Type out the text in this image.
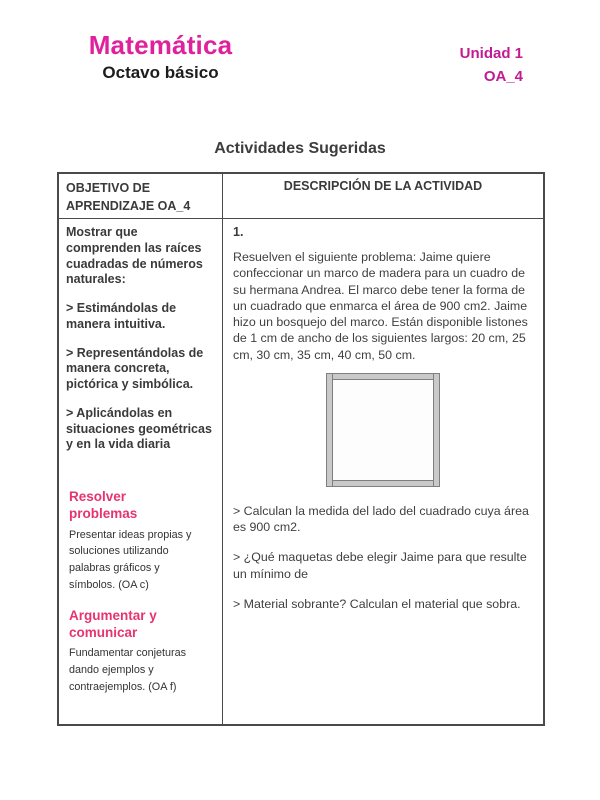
Matemática
Octavo básico
Unidad 1
OA_4
Actividades Sugeridas
OBJETIVO DE APRENDIZAJE OA_4
DESCRIPCIÓN DE LA ACTIVIDAD

Mostrar que comprenden las raíces cuadradas de números naturales:

> Estimándolas de manera intuitiva.

> Representándolas de manera concreta, pictórica y simbólica.

> Aplicándolas en situaciones geométricas y en la vida diaria

Resolver problemas
Presentar ideas propias y soluciones utilizando palabras gráficos y símbolos. (OA c)
Argumentar y comunicar
Fundamentar conjeturas dando ejemplos y contraejemplos. (OA f)

1.

Resuelven el siguiente problema: Jaime quiere confeccionar un marco de madera para un cuadro de su hermana Andrea. El marco debe tener la forma de un cuadrado que enmarca el área de 900 cm2. Jaime hizo un bosquejo del marco. Están disponible listones de 1 cm de ancho de los siguientes largos: 20 cm, 25 cm, 30 cm, 35 cm, 40 cm, 50 cm.

> Calculan la medida del lado del cuadrado cuya área es 900 cm2.

> ¿Qué maquetas debe elegir Jaime para que resulte un mínimo de

> Material sobrante? Calculan el material que sobra.
